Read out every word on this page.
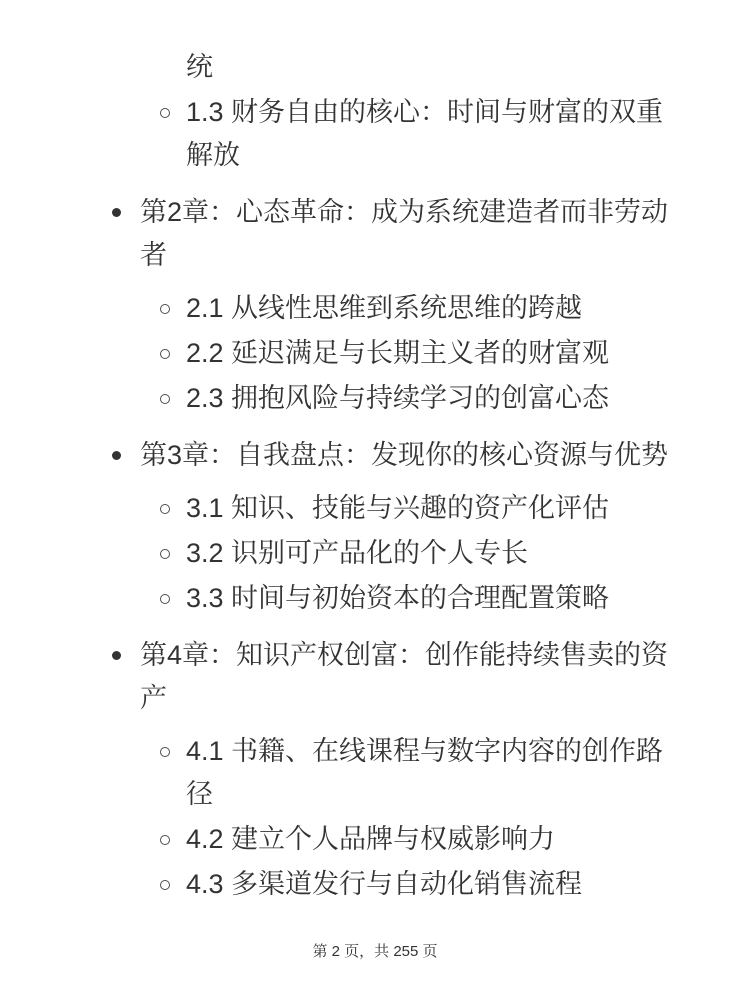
统
1.3 财务自由的核心：时间与财富的双重解放
第2章：心态革命：成为系统建造者而非劳动者
2.1 从线性思维到系统思维的跨越
2.2 延迟满足与长期主义者的财富观
2.3 拥抱风险与持续学习的创富心态
第3章：自我盘点：发现你的核心资源与优势
3.1 知识、技能与兴趣的资产化评估
3.2 识别可产品化的个人专长
3.3 时间与初始资本的合理配置策略
第4章：知识产权创富：创作能持续售卖的资产
4.1 书籍、在线课程与数字内容的创作路径
4.2 建立个人品牌与权威影响力
4.3 多渠道发行与自动化销售流程
第 2 页，共 255 页
